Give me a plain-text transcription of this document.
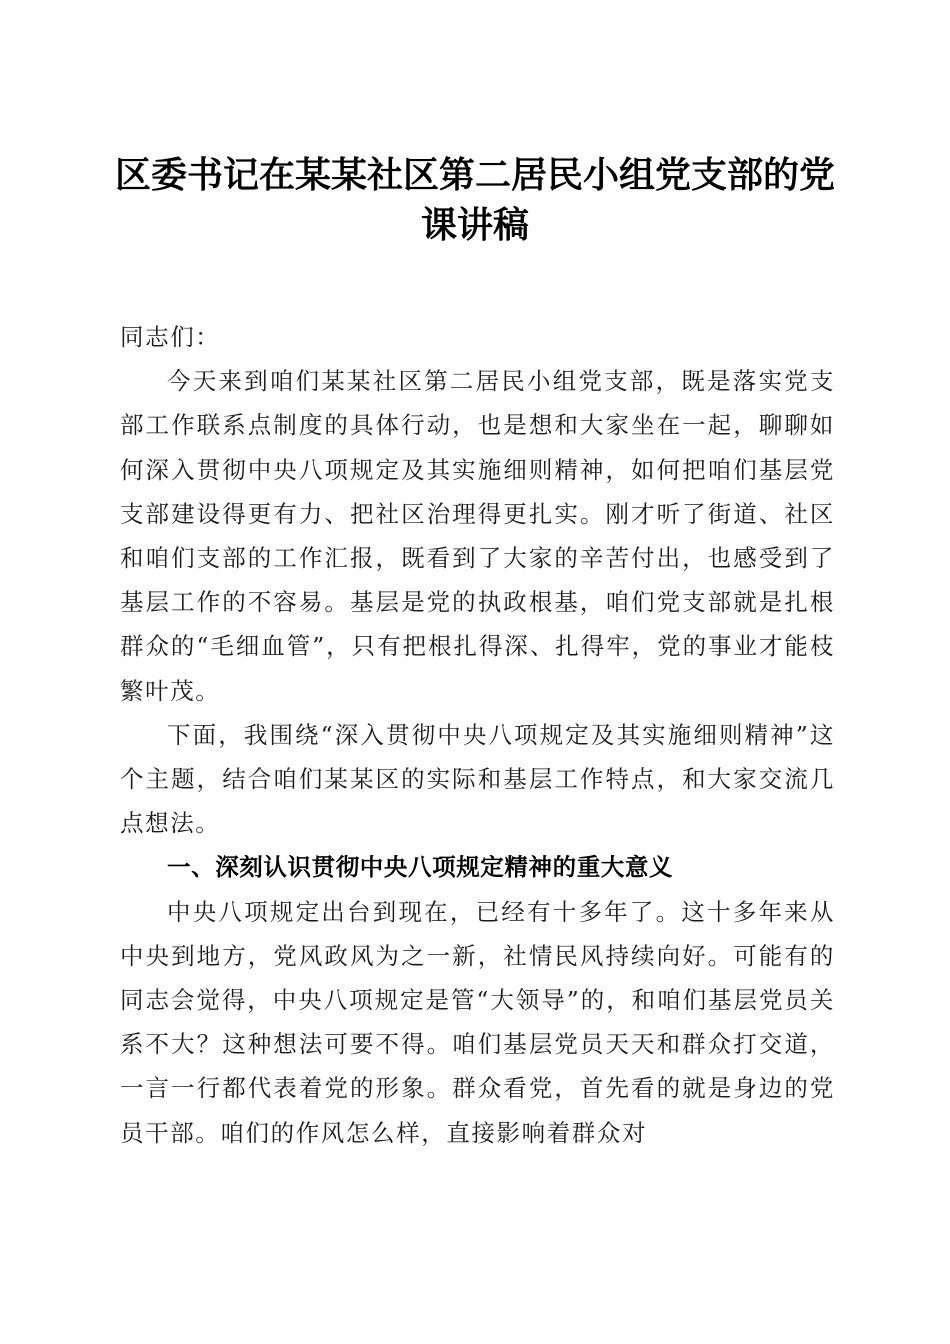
区委书记在某某社区第二居民小组党支部的党课讲稿

同志们：

今天来到咱们某某社区第二居民小组党支部，既是落实党支部工作联系点制度的具体行动，也是想和大家坐在一起，聊聊如何深入贯彻中央八项规定及其实施细则精神，如何把咱们基层党支部建设得更有力、把社区治理得更扎实。刚才听了街道、社区和咱们支部的工作汇报，既看到了大家的辛苦付出，也感受到了基层工作的不容易。基层是党的执政根基，咱们党支部就是扎根群众的“毛细血管”，只有把根扎得深、扎得牢，党的事业才能枝繁叶茂。

下面，我围绕“深入贯彻中央八项规定及其实施细则精神”这个主题，结合咱们某某区的实际和基层工作特点，和大家交流几点想法。

一、深刻认识贯彻中央八项规定精神的重大意义

中央八项规定出台到现在，已经有十多年了。这十多年来从中央到地方，党风政风为之一新，社情民风持续向好。可能有的同志会觉得，中央八项规定是管“大领导”的，和咱们基层党员关系不大？这种想法可要不得。咱们基层党员天天和群众打交道，一言一行都代表着党的形象。群众看党，首先看的就是身边的党员干部。咱们的作风怎么样，直接影响着群众对
